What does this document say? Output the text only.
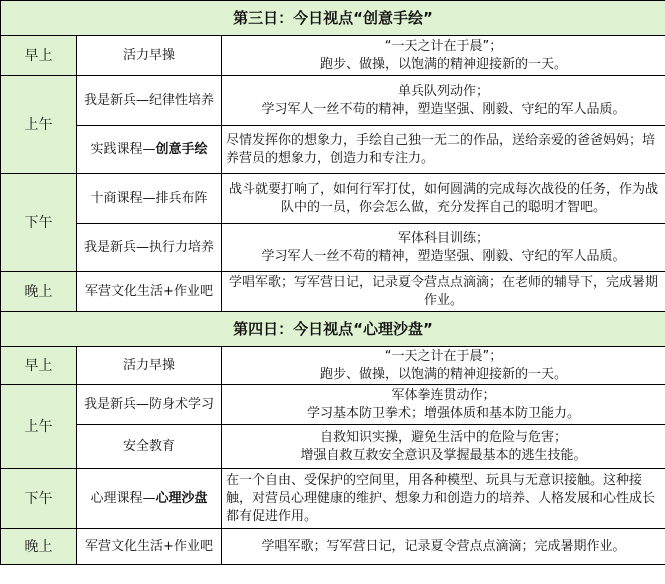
第三日：今日视点“创意手绘”		
早上	活力早操	“一天之计在于晨”；
跑步、做操，以饱满的精神迎接新的一天。

上午	我是新兵—纪律性培养	单兵队列动作；
学习军人一丝不苟的精神，塑造坚强、刚毅、守纪的军人品质。

	实践课程—创意手绘	尽情发挥你的想象力，手绘自己独一无二的作品，送给亲爱的爸爸妈妈；培养营员的想象力，创造力和专注力。
下午	十商课程—排兵布阵	战斗就要打响了，如何行军打仗，如何圆满的完成每次战役的任务，作为战队中的一员，你会怎么做，充分发挥自己的聪明才智吧。
	我是新兵—执行力培养	军体科目训练；
学习军人一丝不苟的精神，塑造坚强、刚毅、守纪的军人品质。

晚上	军营文化生活+作业吧	学唱军歌；写军营日记，记录夏令营点点滴滴；在老师的辅导下，完成暑期作业。
第四日：今日视点“心理沙盘”		
早上	活力早操	“一天之计在于晨”；
跑步、做操，以饱满的精神迎接新的一天。

上午	我是新兵—防身术学习	军体拳连贯动作；
学习基本防卫拳术；增强体质和基本防卫能力。

	安全教育	自救知识实操，避免生活中的危险与危害；
增强自救互救安全意识及掌握最基本的逃生技能。

下午	心理课程—心理沙盘	在一个自由、受保护的空间里，用各种模型、玩具与无意识接触。这种接触，对营员心理健康的维护、想象力和创造力的培养、人格发展和心性成长都有促进作用。
晚上	军营文化生活+作业吧	学唱军歌；写军营日记，记录夏令营点点滴滴；完成暑期作业。
